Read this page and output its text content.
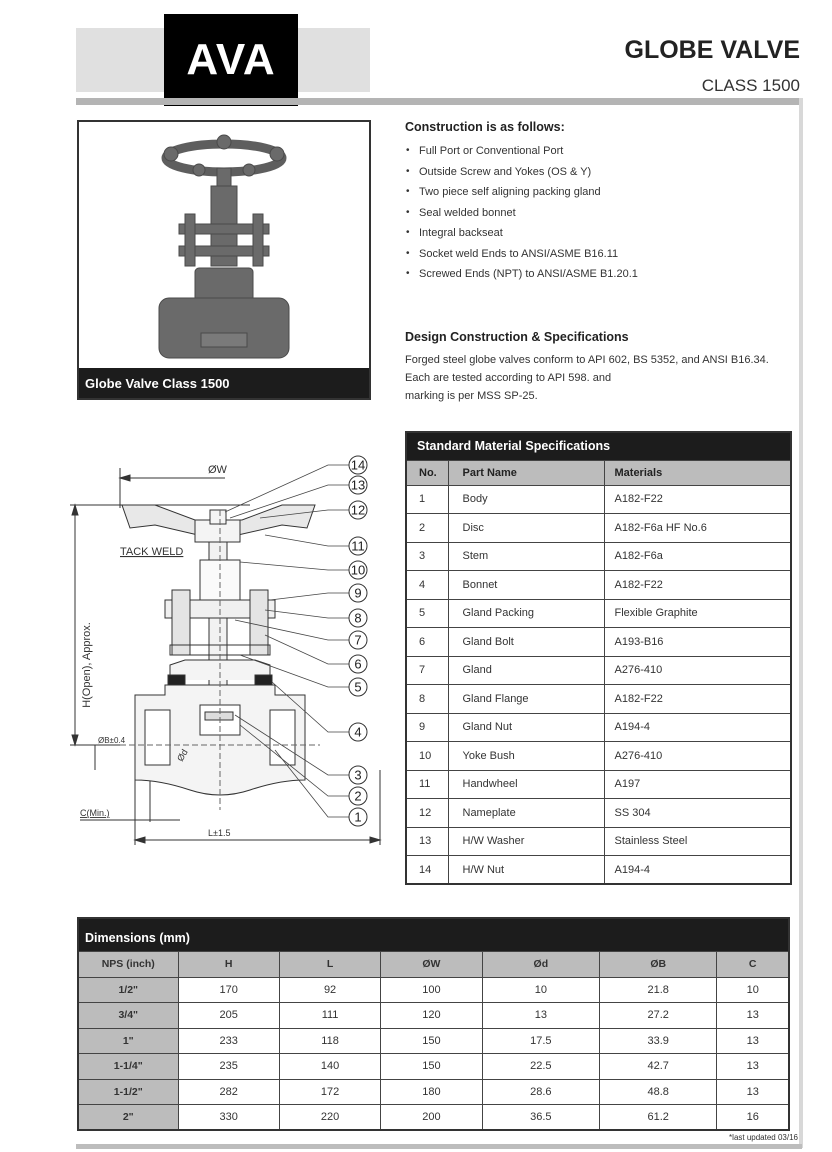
AVA	GLOBE VALVE
CLASS 1500
Globe Valve Class 1500
Construction is as follows:
• Full Port or Conventional Port
• Outside Screw and Yokes (OS & Y)
• Two piece self aligning packing gland
• Seal welded bonnet
• Integral backseat
• Socket weld Ends to ANSI/ASME B16.11
• Screwed Ends (NPT) to ANSI/ASME B1.20.1
Design Construction & Specifications
Forged steel globe valves conform to API 602, BS 5352, and ANSI B16.34.
Each are tested according to API 598. and
marking is per MSS SP-25.
ØW
TACK WELD
H(Open), Approx.
ØB±0.4
C(Min.)
L±1.5
Ød
14
13
12
11
10
9
8
7
6
5
4
3
2
1
Standard Material Specifications		
No.	Part Name	Materials
1	Body	A182-F22
2	Disc	A182-F6a HF No.6
3	Stem	A182-F6a
4	Bonnet	A182-F22
5	Gland Packing	Flexible Graphite
6	Gland Bolt	A193-B16
7	Gland	A276-410
8	Gland Flange	A182-F22
9	Gland Nut	A194-4
10	Yoke Bush	A276-410
11	Handwheel	A197
12	Nameplate	SS 304
13	H/W Washer	Stainless Steel
14	H/W Nut	A194-4
Dimensions (mm)						
NPS (inch)	H	L	ØW	Ød	ØB	C
1/2"	170	92	100	10	21.8	10
3/4"	205	111	120	13	27.2	13
1"	233	118	150	17.5	33.9	13
1-1/4"	235	140	150	22.5	42.7	13
1-1/2"	282	172	180	28.6	48.8	13
2"	330	220	200	36.5	61.2	16
*last updated 03/16
